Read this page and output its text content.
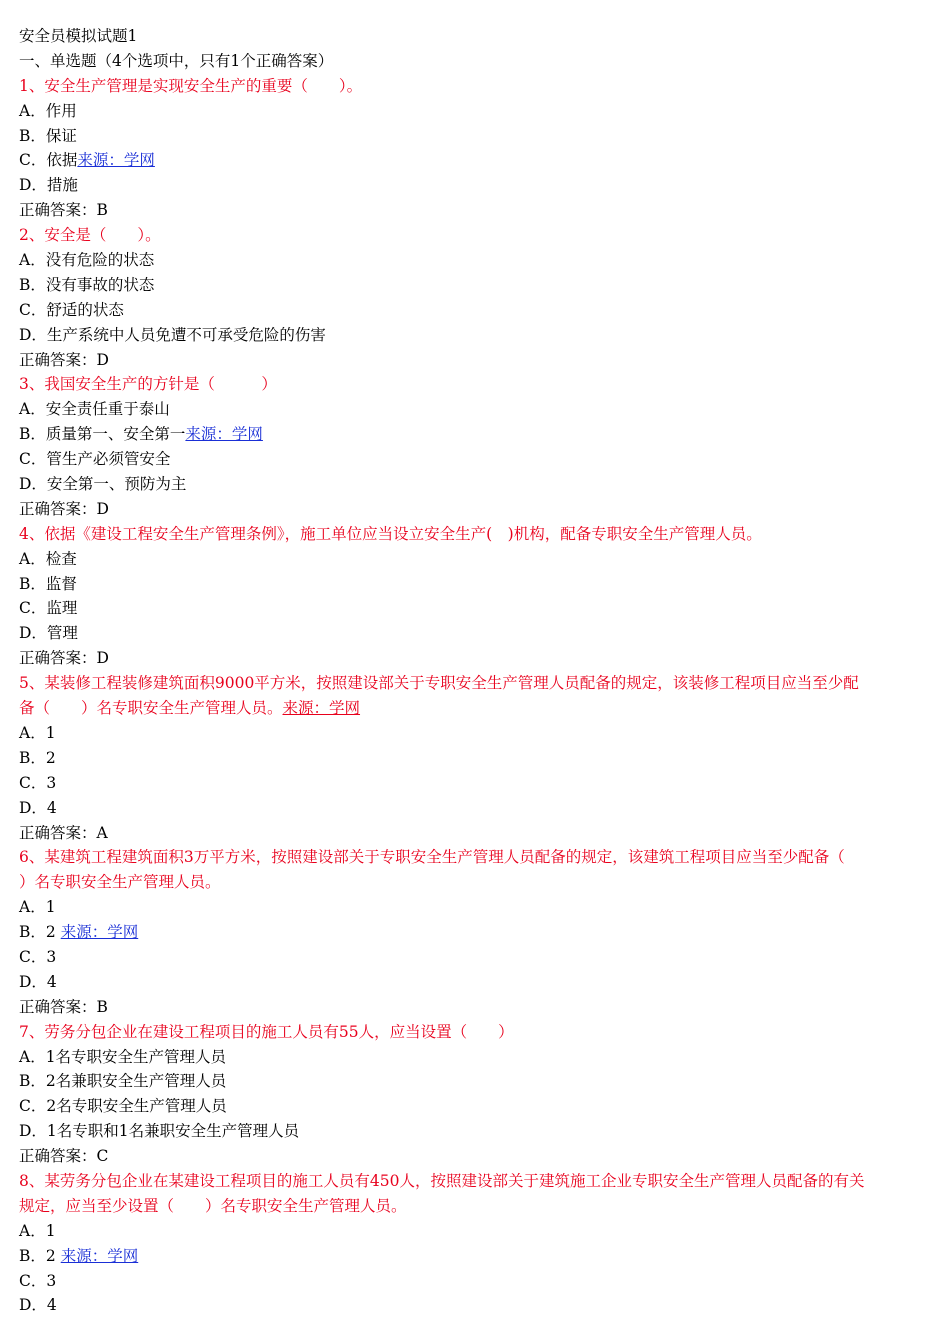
安全员模拟试题1
一、单选题（4个选项中，只有1个正确答案）
1、安全生产管理是实现安全生产的重要（　　）。
A．作用
B．保证
C．依据来源：学网
D．措施
正确答案：B
2、安全是（　　）。
A．没有危险的状态
B．没有事故的状态
C．舒适的状态
D．生产系统中人员免遭不可承受危险的伤害
正确答案：D
3、我国安全生产的方针是（　　　）
A．安全责任重于泰山
B．质量第一、安全第一来源：学网
C．管生产必须管安全
D．安全第一、预防为主
正确答案：D
4、依据《建设工程安全生产管理条例》，施工单位应当设立安全生产(　)机构，配备专职安全生产管理人员。
A．检查
B．监督
C．监理
D．管理
正确答案：D
5、某装修工程装修建筑面积9000平方米，按照建设部关于专职安全生产管理人员配备的规定，该装修工程项目应当至少配
备（　　）名专职安全生产管理人员。来源：学网
A．1
B．2
C．3
D．4
正确答案：A
6、某建筑工程建筑面积3万平方米，按照建设部关于专职安全生产管理人员配备的规定，该建筑工程项目应当至少配备（
）名专职安全生产管理人员。
A．1
B．2 来源：学网
C．3
D．4
正确答案：B
7、劳务分包企业在建设工程项目的施工人员有55人，应当设置（　　）
A．1名专职安全生产管理人员
B．2名兼职安全生产管理人员
C．2名专职安全生产管理人员
D．1名专职和1名兼职安全生产管理人员
正确答案：C
8、某劳务分包企业在某建设工程项目的施工人员有450人，按照建设部关于建筑施工企业专职安全生产管理人员配备的有关
规定，应当至少设置（　　）名专职安全生产管理人员。
A．1
B．2 来源：学网
C．3
D．4
